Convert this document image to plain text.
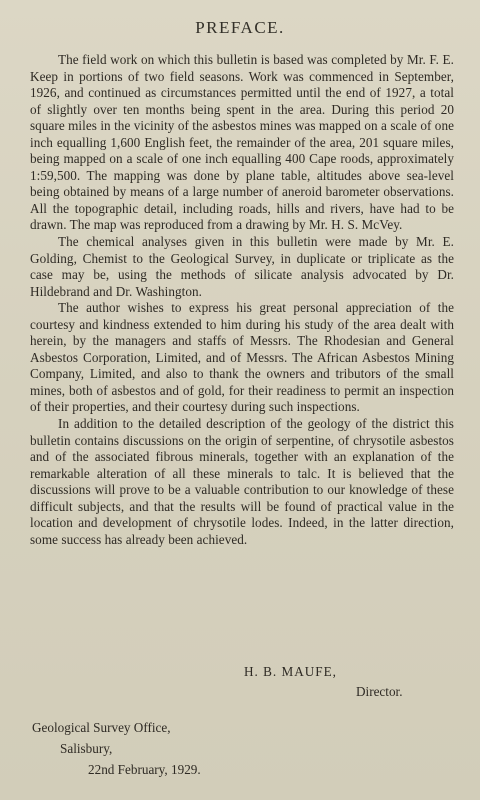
PREFACE.

The field work on which this bulletin is based was completed by Mr. F. E. Keep in portions of two field seasons. Work was commenced in September, 1926, and continued as circumstances permitted until the end of 1927, a total of slightly over ten months being spent in the area. During this period 20 square miles in the vicinity of the asbestos mines was mapped on a scale of one inch equalling 1,600 English feet, the remainder of the area, 201 square miles, being mapped on a scale of one inch equalling 400 Cape roods, approximately 1:59,500. The mapping was done by plane table, altitudes above sea-level being obtained by means of a large number of aneroid barometer observations. All the topographic detail, including roads, hills and rivers, have had to be drawn. The map was reproduced from a drawing by Mr. H. S. McVey.

The chemical analyses given in this bulletin were made by Mr. E. Golding, Chemist to the Geological Survey, in duplicate or triplicate as the case may be, using the methods of silicate analysis advocated by Dr. Hildebrand and Dr. Washington.

The author wishes to express his great personal appreciation of the courtesy and kindness extended to him during his study of the area dealt with herein, by the managers and staffs of Messrs. The Rhodesian and General Asbestos Corporation, Limited, and of Messrs. The African Asbestos Mining Company, Limited, and also to thank the owners and tributors of the small mines, both of asbestos and of gold, for their readiness to permit an inspection of their properties, and their courtesy during such inspections.

In addition to the detailed description of the geology of the district this bulletin contains discussions on the origin of serpentine, of chrysotile asbestos and of the associated fibrous minerals, together with an explanation of the remarkable alteration of all these minerals to talc. It is believed that the discussions will prove to be a valuable contribution to our knowledge of these difficult subjects, and that the results will be found of practical value in the location and development of chrysotile lodes. Indeed, in the latter direction, some success has already been achieved.

H. B. MAUFE,
Director.
Geological Survey Office,
Salisbury,
22nd February, 1929.
